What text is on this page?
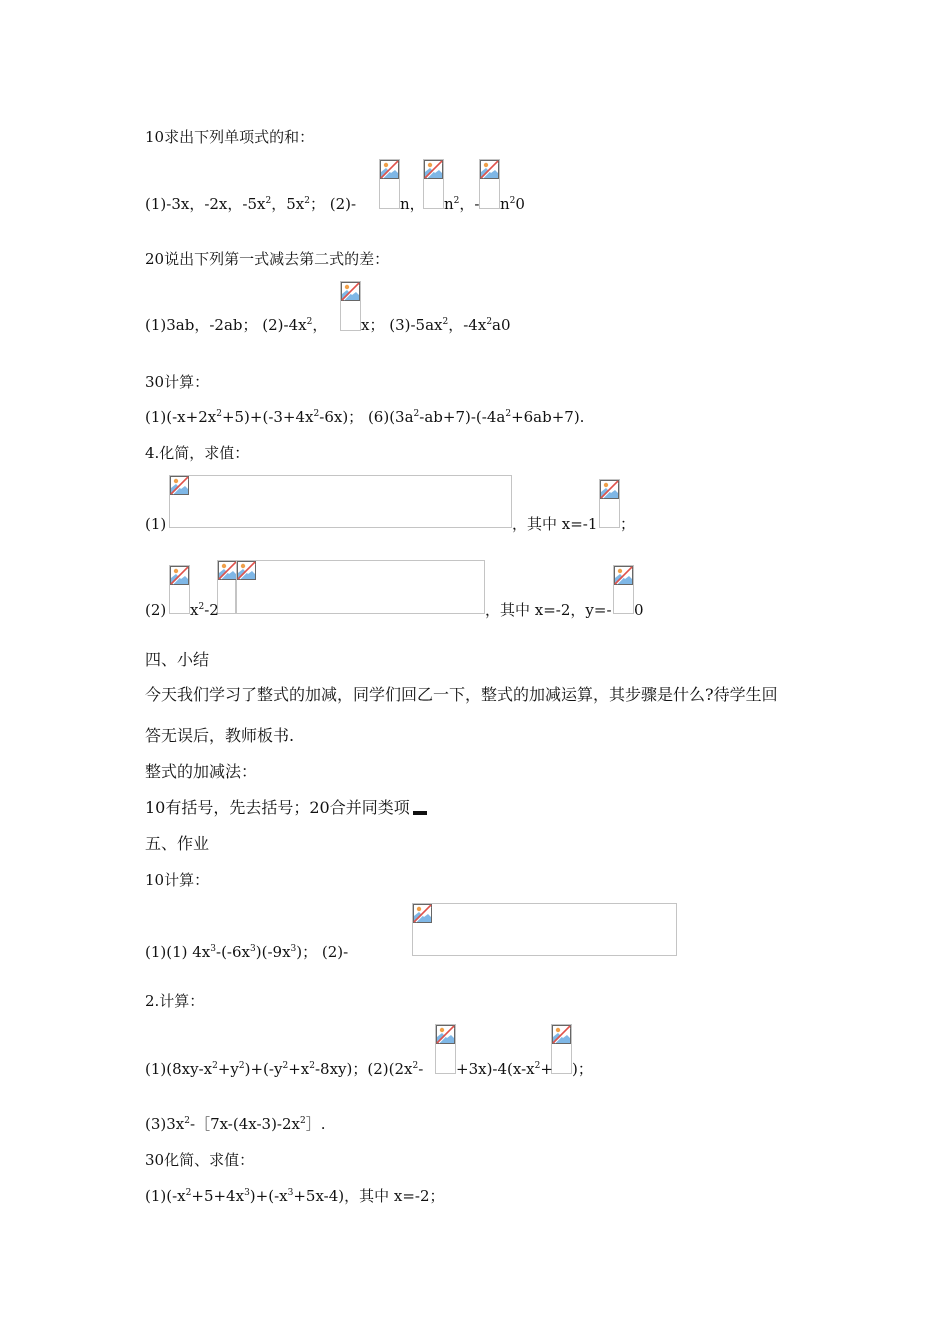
10求出下列单项式的和：
(1)-3x，-2x，$-5x^2$，$5x^2$； (2)-	n， $n^2$，- $n^20$
20说出下列第一式减去第二式的差：
(1)3ab，-2ab； $(2)-4x^2$， x； $(3)-5ax^2$，$-4x^2a0$
30计算：
$(1)(-x+2x^2+5)+(-3+4x^2-6x)$； $(6)(3a^2-ab+7)-(-4a^2+6ab+7)$.
4.化简，求值：
(1)	，其中 x=-1 ；
(2) $x^2-2$	，其中 x=-2，y=- 0
四、小结
今天我们学习了整式的加减，同学们回乙一下，整式的加减运算，其步骤是什么?待学生回
答无误后，教师板书.
整式的加减法：
10有括号，先去括号；20合并同类项
五、作业
10计算：
(1)(1) $4x^3-(-6x^3)(-9x^3)$； (2)-
2.计算：
$(1)(8xy-x^2+y^2)+(-y^2+x^2-8xy)$；$(2)(2x^2- +3x)-4(x-x^2+$ )；
$(3)3x^2-[7x-(4x-3)-2x^2]$.
30化简、求值：
$(1)(-x^2+5+4x^3)+(-x^3+5x-4)$，其中 x=-2；
